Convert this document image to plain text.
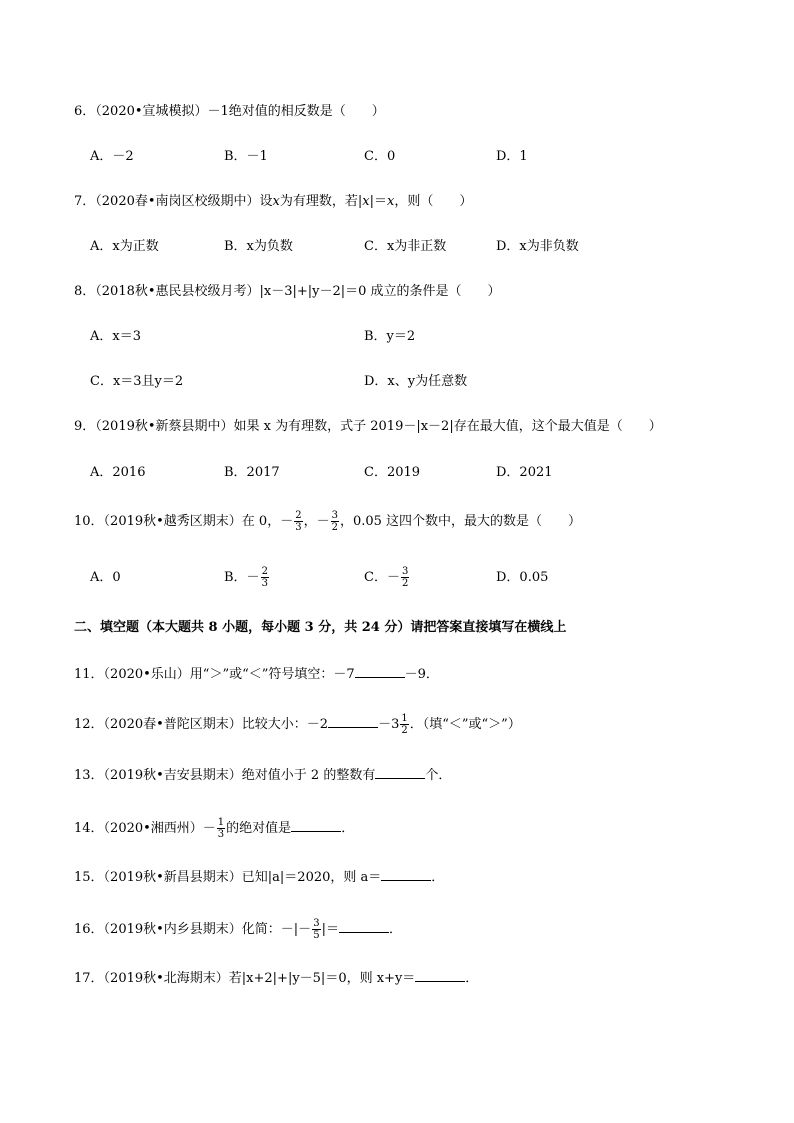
6．（2020•宣城模拟）－1绝对值的相反数是（　　）
A．－2	B．－1	C．0	D．1
7．（2020春•南岗区校级期中）设x为有理数，若|x|＝x，则（　　）
A．x为正数	B．x为负数	C．x为非正数	D．x为非负数
8．（2018秋•惠民县校级月考）|x－3|+|y－2|＝0 成立的条件是（　　）
A．x＝3	B．y＝2
C．x＝3且y＝2	D．x、y为任意数
9．（2019秋•新蔡县期中）如果 x 为有理数，式子 2019－|x－2|存在最大值，这个最大值是（　　）
A．2016	B．2017	C．2019	D．2021
10．（2019秋•越秀区期末）在 0，－ $\frac{2}{3}$ ，－ $\frac{3}{2}$ ，0.05 这四个数中，最大的数是（　　）
A．0	B．－ $\frac{2}{3}$	C．－ $\frac{3}{2}$	D．0.05
二、填空题（本大题共 8 小题，每小题 3 分，共 24 分）请把答案直接填写在横线上
11．（2020•乐山）用“＞”或“＜”符号填空：－7	－9．
12．（2020春•普陀区期末）比较大小：－2	$-3 \frac{1}{2}$ ．（填“＜”或“＞”）
13．（2019秋•吉安县期末）绝对值小于 2 的整数有	个．
14．（2020•湘西州）－ $\frac{1}{3}$ 的绝对值是	．
15．（2019秋•新昌县期末）已知|a|＝2020，则 a＝	．
16．（2019秋•内乡县期末）化简：－|－ $\frac{3}{5}$ |＝	．
17．（2019秋•北海期末）若|x+2|+|y－5|＝0，则 x+y＝	．
